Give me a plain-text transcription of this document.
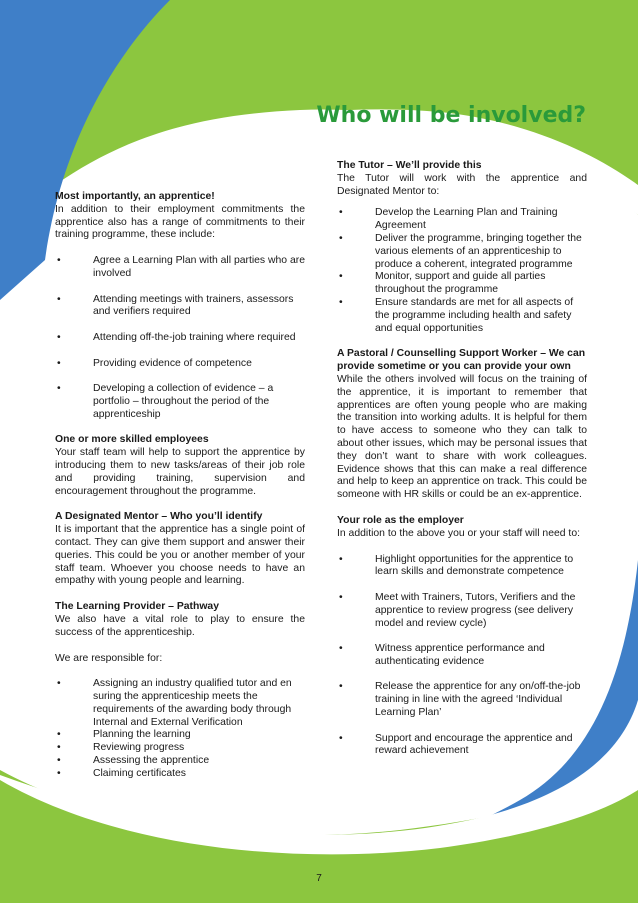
Who will be involved?

Most importantly, an apprentice!

In addition to their employment commitments the apprentice also has a range of commitments to their training programme, these include:

• Agree a Learning Plan with all parties who are involved
• Attending meetings with trainers, assessors and verifiers required
• Attending off-the-job training where required
• Providing evidence of competence
• Developing a collection of evidence – a portfolio – throughout the period of the apprenticeship

One or more skilled employees

Your staff team will help to support the apprentice by introducing them to new tasks/areas of their job role and providing training, supervision and encouragement throughout the programme.

A Designated Mentor – Who you’ll identify

It is important that the apprentice has a single point of contact. They can give them support and answer their queries. This could be you or another member of your staff team. Whoever you choose needs to have an empathy with young people and learning.

The Learning Provider – Pathway

We also have a vital role to play to ensure the success of the apprenticeship.

We are responsible for:

• Assigning an industry qualified tutor and en suring the apprenticeship meets the requirements of the awarding body through Internal and External Verification
• Planning the learning
• Reviewing progress
• Assessing the apprentice
• Claiming certificates

The Tutor – We’ll provide this

The Tutor will work with the apprentice and Designated Mentor to:

• Develop the Learning Plan and Training Agreement
• Deliver the programme, bringing together the various elements of an apprenticeship to produce a coherent, integrated programme
• Monitor, support and guide all parties throughout the programme
• Ensure standards are met for all aspects of the programme including health and safety and equal opportunities

A Pastoral / Counselling Support Worker – We can provide sometime or you can provide your own

While the others involved will focus on the training of the apprentice, it is important to remember that apprentices are often young people who are making the transition into working adults. It is helpful for them to have access to someone who they can talk to about other issues, which may be personal issues that they don’t want to share with work colleagues. Evidence shows that this can make a real difference and help to keep an apprentice on track. This could be someone with HR skills or could be an ex-apprentice.

Your role as the employer

In addition to the above you or your staff will need to:

• Highlight opportunities for the apprentice to learn skills and demonstrate competence
• Meet with Trainers, Tutors, Verifiers and the apprentice to review progress (see delivery model and review cycle)
• Witness apprentice performance and authenticating evidence
• Release the apprentice for any on/off-the-job training in line with the agreed ‘Individual Learning Plan’
• Support and encourage the apprentice and reward achievement
7
